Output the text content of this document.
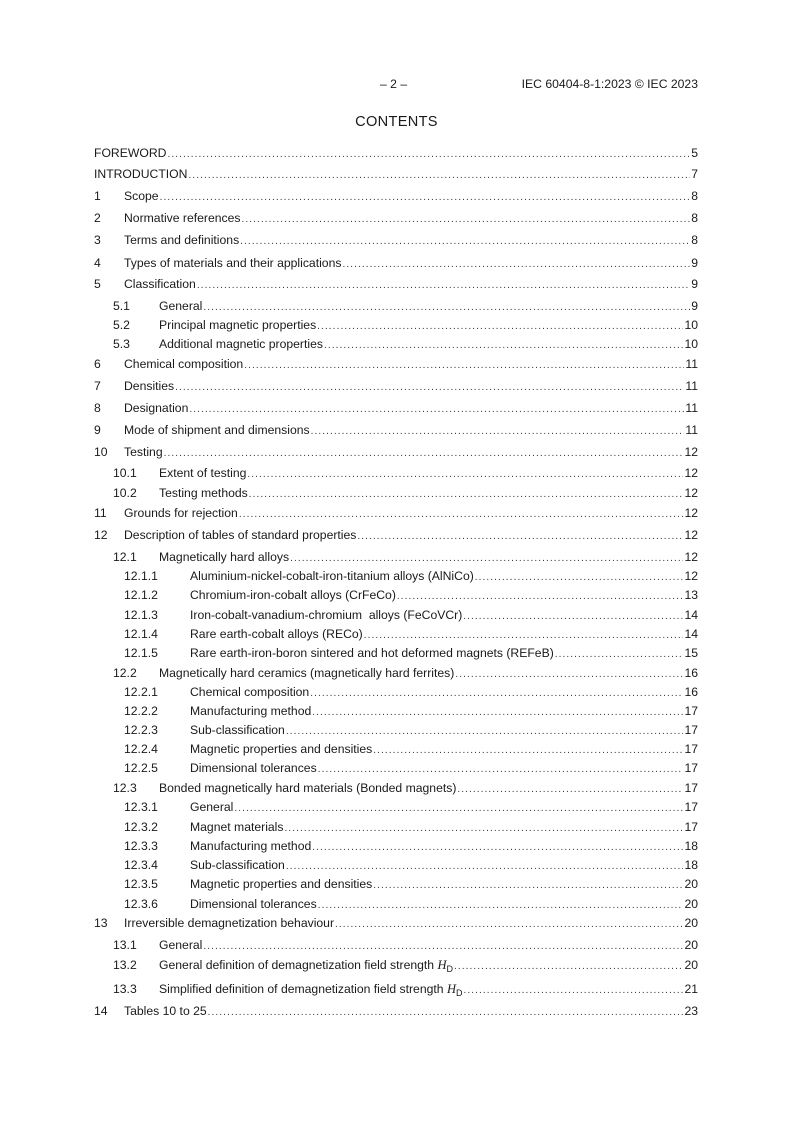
– 2 –	IEC 60404-8-1:2023 © IEC 2023
CONTENTS
FOREWORD .....	5
INTRODUCTION .....	7
1	Scope .....	8
2	Normative references .....	8
3	Terms and definitions .....	8
4	Types of materials and their applications .....	9
5	Classification .....	9
5.1	General .....	9
5.2	Principal magnetic properties .....	10
5.3	Additional magnetic properties .....	10
6	Chemical composition .....	11
7	Densities .....	11
8	Designation .....	11
9	Mode of shipment and dimensions .....	11
10	Testing .....	12
10.1	Extent of testing .....	12
10.2	Testing methods .....	12
11	Grounds for rejection .....	12
12	Description of tables of standard properties .....	12
12.1	Magnetically hard alloys .....	12
12.1.1	Aluminium-nickel-cobalt-iron-titanium alloys (AlNiCo) .....	12
12.1.2	Chromium-iron-cobalt alloys (CrFeCo) .....	13
12.1.3	Iron-cobalt-vanadium-chromium  alloys (FeCoVCr) .....	14
12.1.4	Rare earth-cobalt alloys (RECo) .....	14
12.1.5	Rare earth-iron-boron sintered and hot deformed magnets (REFeB) .....	15
12.2	Magnetically hard ceramics (magnetically hard ferrites) .....	16
12.2.1	Chemical composition .....	16
12.2.2	Manufacturing method .....	17
12.2.3	Sub-classification .....	17
12.2.4	Magnetic properties and densities .....	17
12.2.5	Dimensional tolerances .....	17
12.3	Bonded magnetically hard materials (Bonded magnets) .....	17
12.3.1	General .....	17
12.3.2	Magnet materials .....	17
12.3.3	Manufacturing method .....	18
12.3.4	Sub-classification .....	18
12.3.5	Magnetic properties and densities .....	20
12.3.6	Dimensional tolerances .....	20
13	Irreversible demagnetization behaviour .....	20
13.1	General .....	20
13.2	General definition of demagnetization field strength $H_D$ .....	20
13.3	Simplified definition of demagnetization field strength $H_D$ .....	21
14	Tables 10 to 25 .....	23
